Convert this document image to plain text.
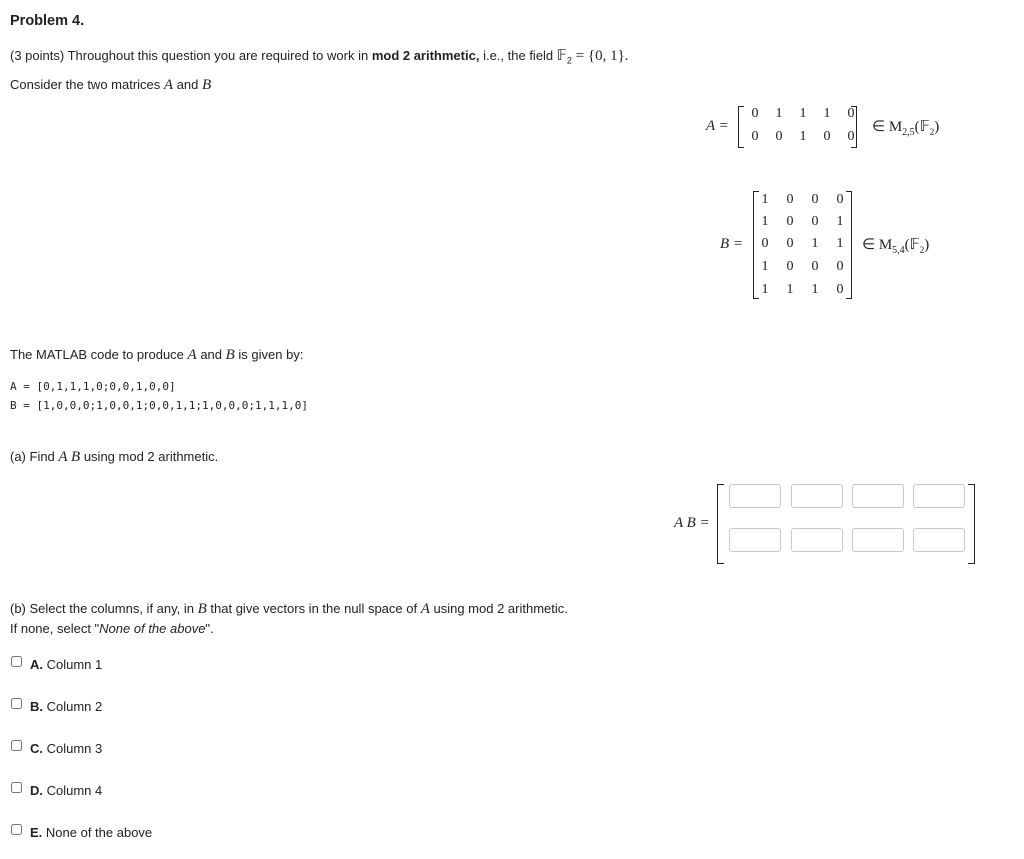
Problem 4.
(3 points) Throughout this question you are required to work in mod 2 arithmetic, i.e., the field 𝔽$_2$ = {0, 1}.
Consider the two matrices A and B
A =
0 1 1 1 0
0 0 1 0 0
∈ $M_{2,5}(𝔽_2)$
B =
1 0 0 0
1 0 0 1
0 0 1 1
1 0 0 0
1 1 1 0
∈ $M_{5,4}(𝔽_2)$
The MATLAB code to produce A and B is given by:
A = [0,1,1,1,0;0,0,1,0,0]
B = [1,0,0,0;1,0,0,1;0,0,1,1;1,0,0,0;1,1,1,0]
(a) Find A B using mod 2 arithmetic.
A B =
(b) Select the columns, if any, in B that give vectors in the null space of A using mod 2 arithmetic.
If none, select "None of the above".
A. Column 1
B. Column 2
C. Column 3
D. Column 4
E. None of the above
